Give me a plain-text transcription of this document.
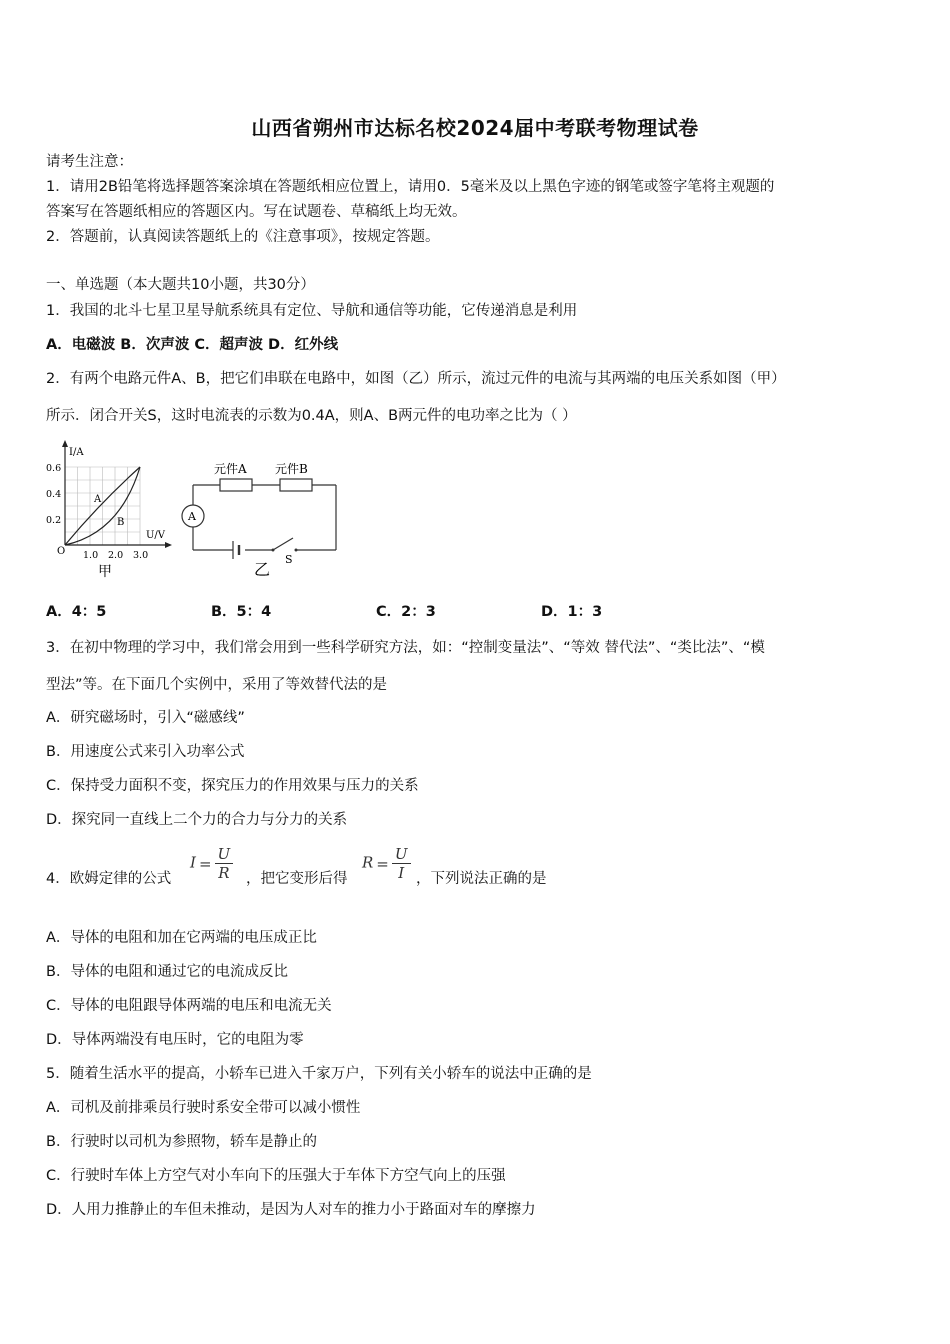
山西省朔州市达标名校2024届中考联考物理试卷
请考生注意：
1．请用2B铅笔将选择题答案涂填在答题纸相应位置上，请用0．5毫米及以上黑色字迹的钢笔或签字笔将主观题的
答案写在答题纸相应的答题区内。写在试题卷、草稿纸上均无效。
2．答题前，认真阅读答题纸上的《注意事项》，按规定答题。
一、单选题（本大题共10小题，共30分）
1．我国的北斗七星卫星导航系统具有定位、导航和通信等功能，它传递消息是利用
A．电磁波 B．次声波 C．超声波 D．红外线
2．有两个电路元件A、B，把它们串联在电路中，如图（乙）所示，流过元件的电流与其两端的电压关系如图（甲）
所示．闭合开关S，这时电流表的示数为0.4A，则A、B两元件的电功率之比为（ ）
I/A
U/V
O
0.6
0.4
0.2
1.0 2.0 3.0
A
B
甲
元件A 元件B
A
S
乙
A．4：5	B．5：4	C．2：3	D．1：3
3．在初中物理的学习中，我们常会用到一些科学研究方法，如：“控制变量法”、“等效 替代法”、“类比法”、“模
型法”等。在下面几个实例中，采用了等效替代法的是
A．研究磁场时，引入“磁感线”
B．用速度公式来引入功率公式
C．保持受力面积不变，探究压力的作用效果与压力的关系
D．探究同一直线上二个力的合力与分力的关系
4．欧姆定律的公式
$I = \frac{U}{R}$ ，把它变形后得
$R = \frac{U}{I}$ ，下列说法正确的是
A．导体的电阻和加在它两端的电压成正比
B．导体的电阻和通过它的电流成反比
C．导体的电阻跟导体两端的电压和电流无关
D．导体两端没有电压时，它的电阻为零
5．随着生活水平的提高，小轿车已进入千家万户，下列有关小轿车的说法中正确的是
A．司机及前排乘员行驶时系安全带可以减小惯性
B．行驶时以司机为参照物，轿车是静止的
C．行驶时车体上方空气对小车向下的压强大于车体下方空气向上的压强
D．人用力推静止的车但未推动，是因为人对车的推力小于路面对车的摩擦力
